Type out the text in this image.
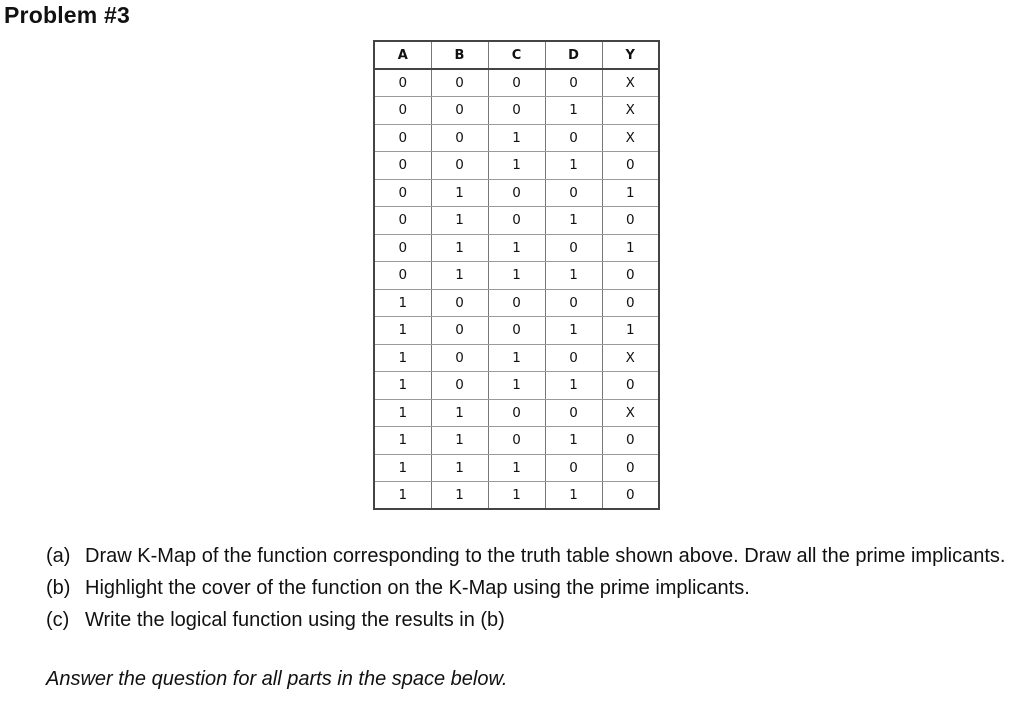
Problem #3
A	B	C	D	Y
0	0	0	0	X
0	0	0	1	X
0	0	1	0	X
0	0	1	1	0
0	1	0	0	1
0	1	0	1	0
0	1	1	0	1
0	1	1	1	0
1	0	0	0	0
1	0	0	1	1
1	0	1	0	X
1	0	1	1	0
1	1	0	0	X
1	1	0	1	0
1	1	1	0	0
1	1	1	1	0
(a) Draw K-Map of the function corresponding to the truth table shown above. Draw all the prime implicants.
(b) Highlight the cover of the function on the K-Map using the prime implicants.
(c) Write the logical function using the results in (b)

Answer the question for all parts in the space below.
